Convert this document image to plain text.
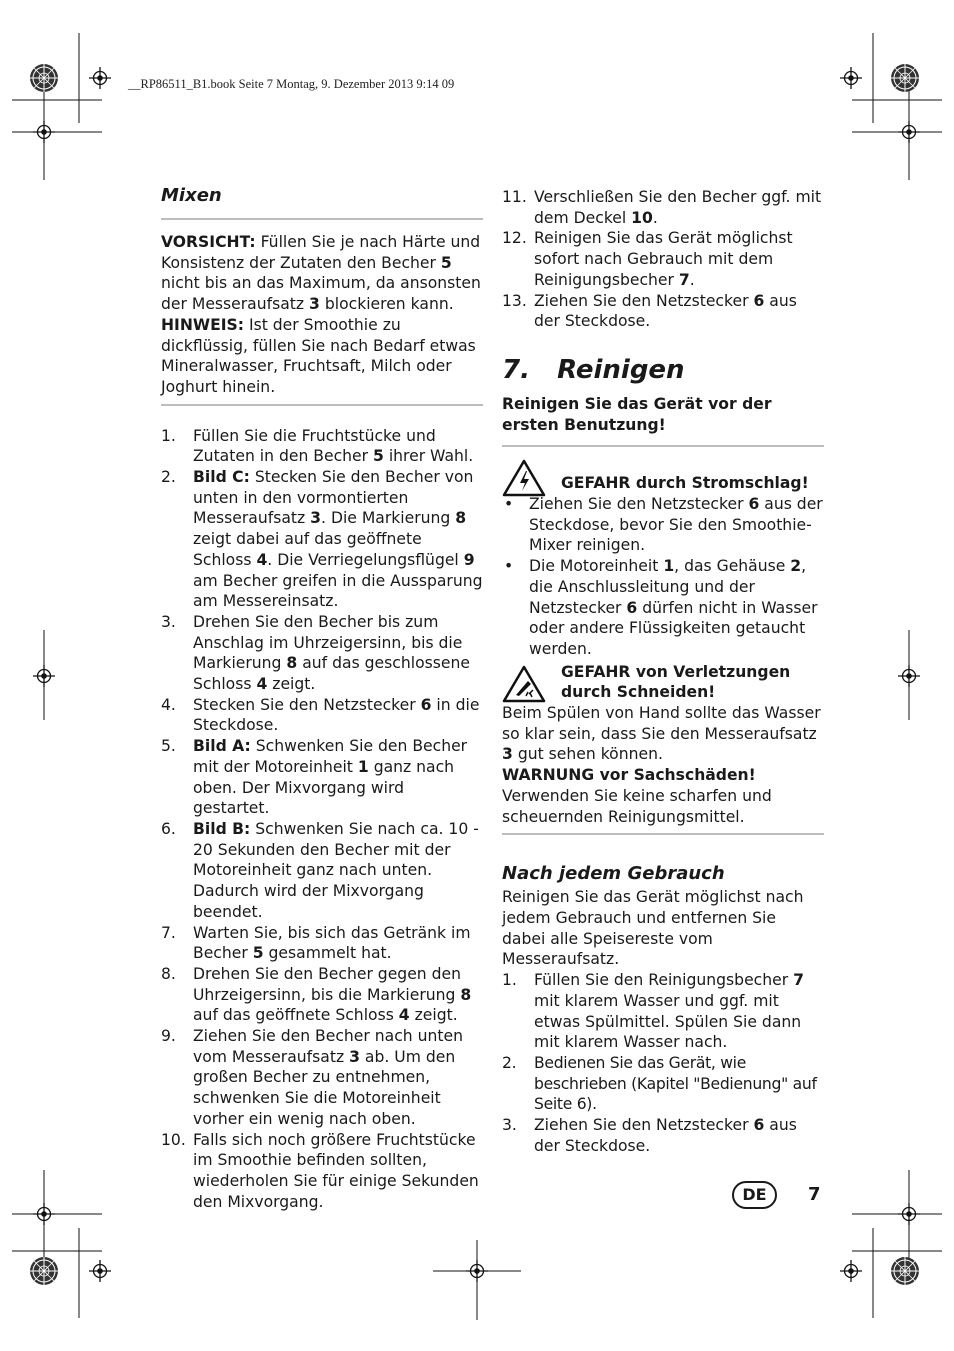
__RP86511_B1.book Seite 7 Montag, 9. Dezember 2013 9:14 09
Mixen

VORSICHT: Füllen Sie je nach Härte und Konsistenz der Zutaten den Becher 5 nicht bis an das Maximum, da ansonsten der Messeraufsatz 3 blockieren kann.

HINWEIS: Ist der Smoothie zu dickflüssig, füllen Sie nach Bedarf etwas Mineralwasser, Fruchtsaft, Milch oder Joghurt hinein.

1. Füllen Sie die Fruchtstücke und Zutaten in den Becher 5 ihrer Wahl.
2. Bild C: Stecken Sie den Becher von unten in den vormontierten Messeraufsatz 3. Die Markierung 8 zeigt dabei auf das geöffnete Schloss 4. Die Verriegelungsflügel 9 am Becher greifen in die Aussparung am Messereinsatz.
3. Drehen Sie den Becher bis zum Anschlag im Uhrzeigersinn, bis die Markierung 8 auf das geschlossene Schloss 4 zeigt.
4. Stecken Sie den Netzstecker 6 in die Steckdose.
5. Bild A: Schwenken Sie den Becher mit der Motoreinheit 1 ganz nach oben. Der Mixvorgang wird gestartet.
6. Bild B: Schwenken Sie nach ca. 10 - 20 Sekunden den Becher mit der Motoreinheit ganz nach unten. Dadurch wird der Mixvorgang beendet.
7. Warten Sie, bis sich das Getränk im Becher 5 gesammelt hat.
8. Drehen Sie den Becher gegen den Uhrzeigersinn, bis die Markierung 8 auf das geöffnete Schloss 4 zeigt.
9. Ziehen Sie den Becher nach unten vom Messeraufsatz 3 ab. Um den großen Becher zu entnehmen, schwenken Sie die Motoreinheit vorher ein wenig nach oben.
10. Falls sich noch größere Fruchtstücke im Smoothie befinden sollten, wiederholen Sie für einige Sekunden den Mixvorgang.
11. Verschließen Sie den Becher ggf. mit dem Deckel 10.
12. Reinigen Sie das Gerät möglichst sofort nach Gebrauch mit dem Reinigungsbecher 7.
13. Ziehen Sie den Netzstecker 6 aus der Steckdose.
7.   Reinigen

Reinigen Sie das Gerät vor der ersten Benutzung!

GEFAHR durch Stromschlag!
• Ziehen Sie den Netzstecker 6 aus der Steckdose, bevor Sie den Smoothie-Mixer reinigen.
• Die Motoreinheit 1, das Gehäuse 2, die Anschlussleitung und der Netzstecker 6 dürfen nicht in Wasser oder andere Flüssigkeiten getaucht werden.
GEFAHR von Verletzungen durch Schneiden!

Beim Spülen von Hand sollte das Wasser so klar sein, dass Sie den Messeraufsatz 3 gut sehen können.

WARNUNG vor Sachschäden!

Verwenden Sie keine scharfen und scheuernden Reinigungsmittel.

Nach jedem Gebrauch

Reinigen Sie das Gerät möglichst nach jedem Gebrauch und entfernen Sie dabei alle Speisereste vom Messeraufsatz.

1. Füllen Sie den Reinigungsbecher 7 mit klarem Wasser und ggf. mit etwas Spülmittel. Spülen Sie dann mit klarem Wasser nach.
2. Bedienen Sie das Gerät, wie beschrieben (Kapitel "Bedienung" auf Seite 6).
3. Ziehen Sie den Netzstecker 6 aus der Steckdose.
DE	7
